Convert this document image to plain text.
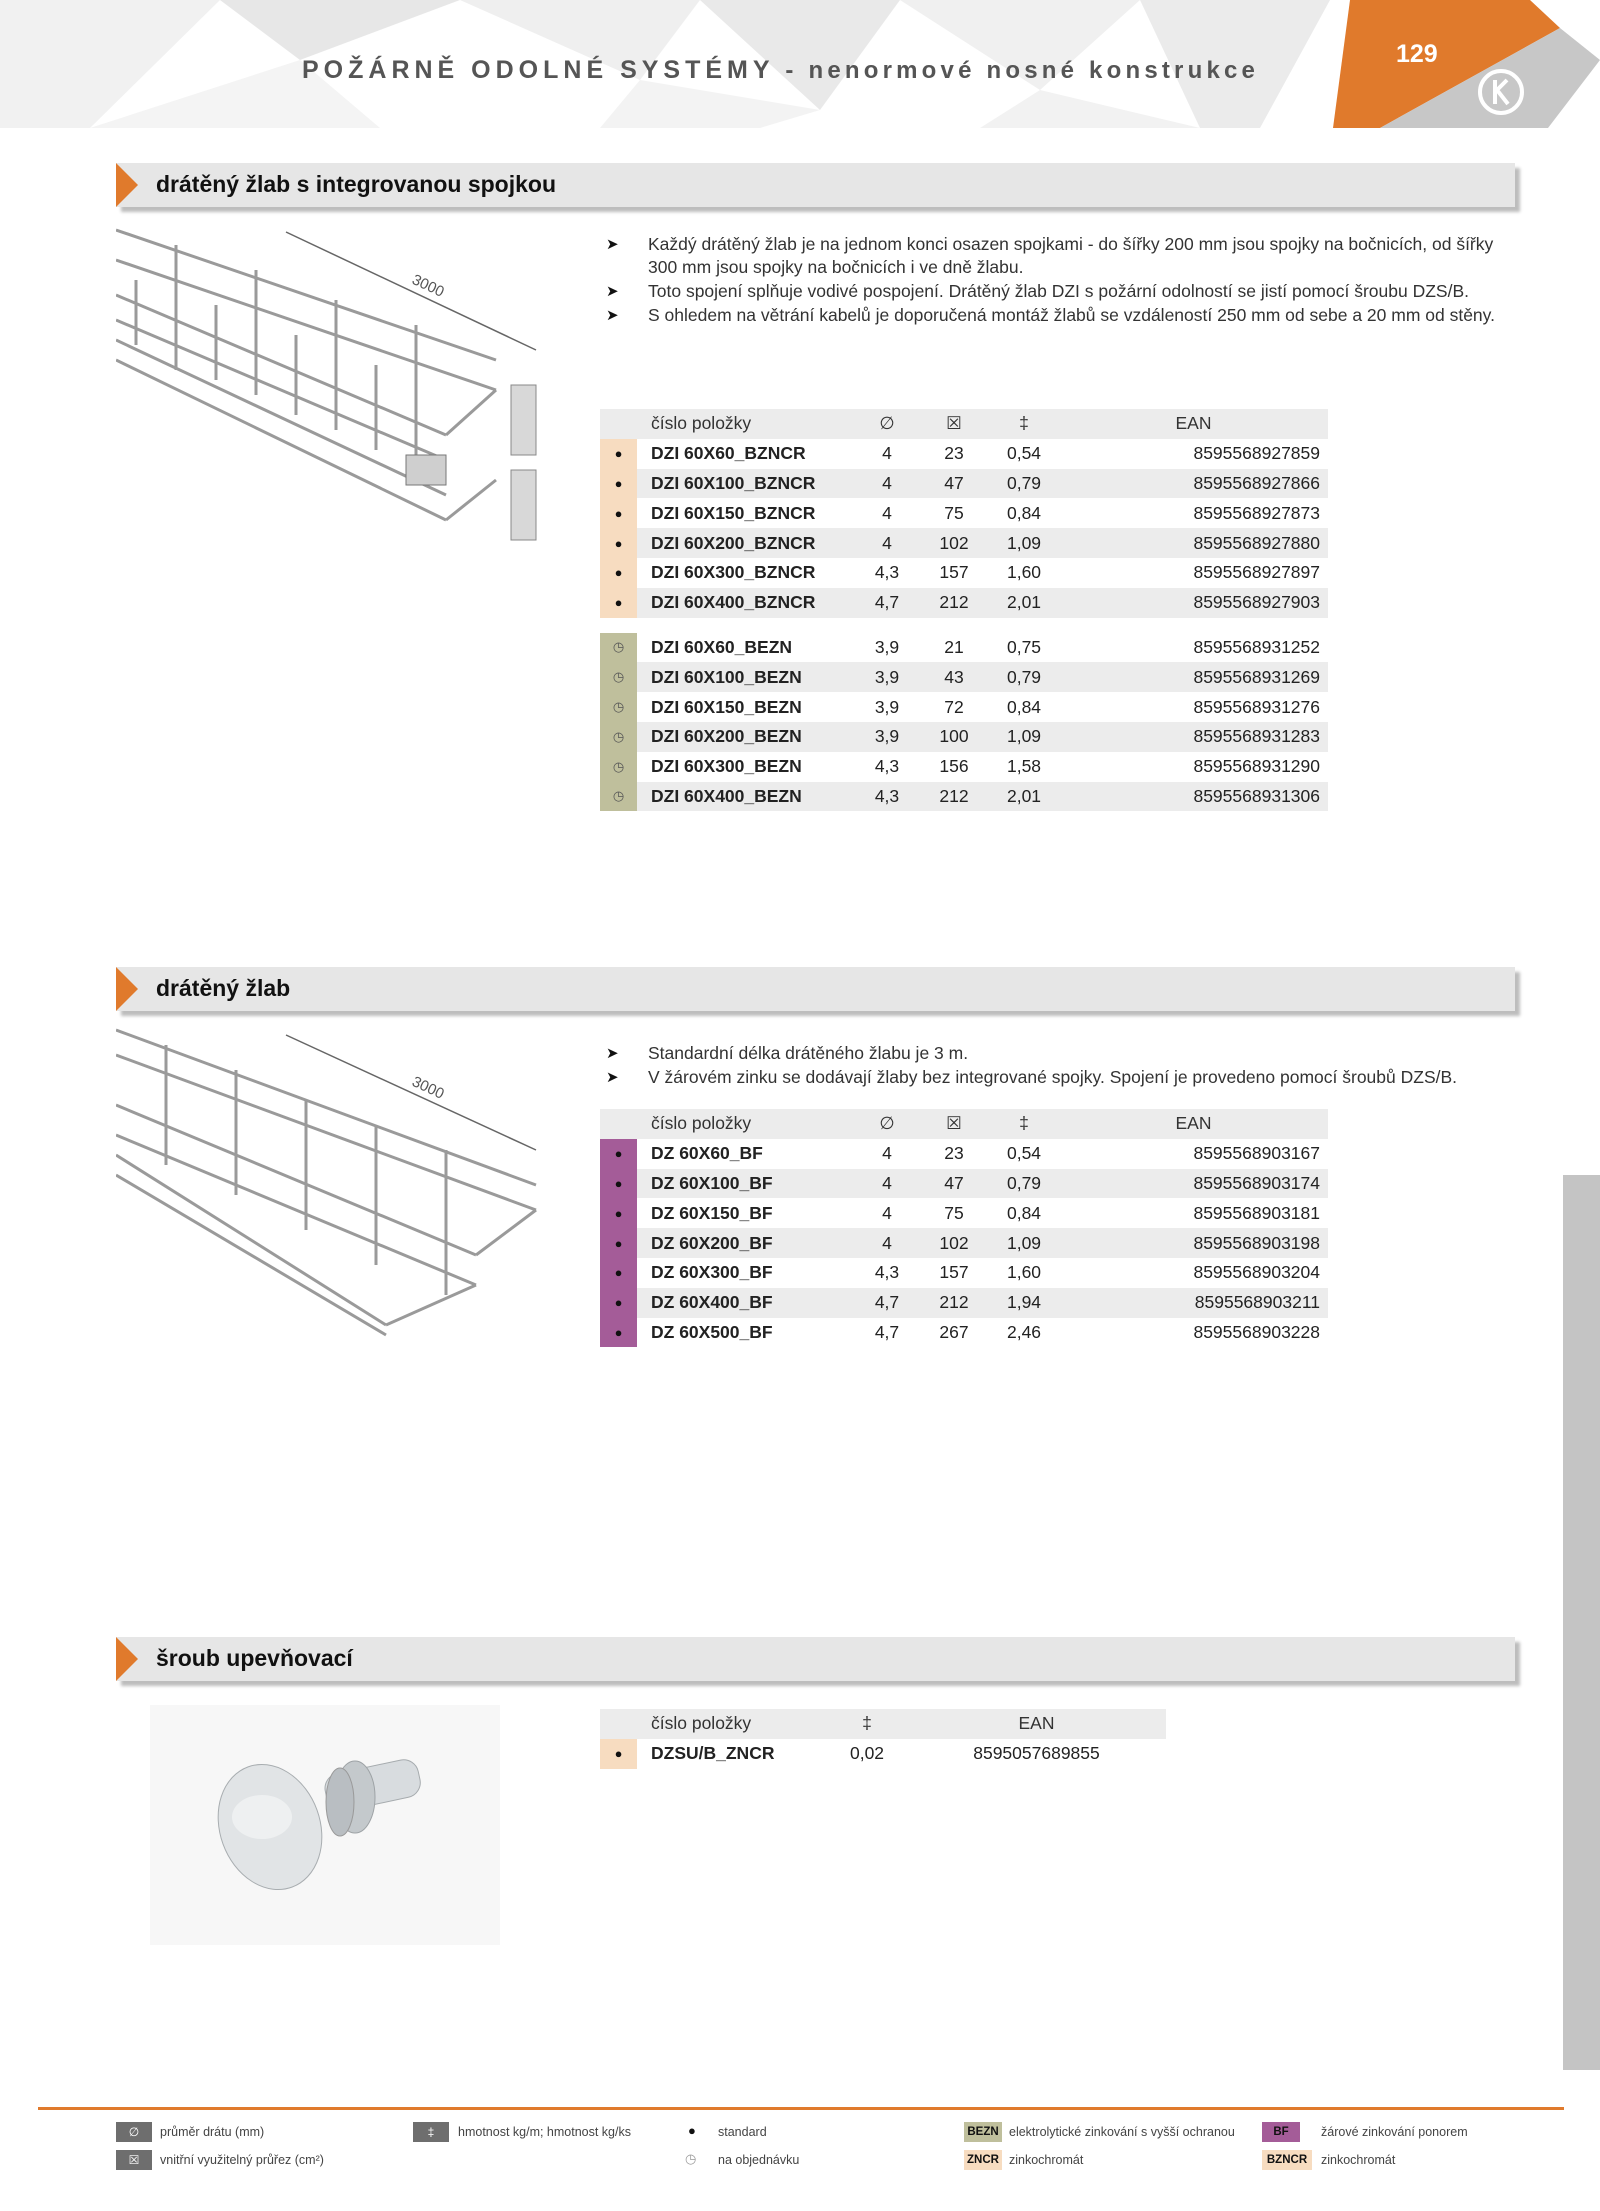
POŽÁRNĚ ODOLNÉ SYSTÉMY - nenormové nosné konstrukce
129
drátěný žlab s integrovanou spojkou
3000
➤ Každý drátěný žlab je na jednom konci osazen spojkami - do šířky 200 mm jsou spojky na bočnicích, od šířky 300 mm jsou spojky na bočnicích i ve dně žlabu.
➤ Toto spojení splňuje vodivé pospojení. Drátěný žlab DZI s požární odolností se jistí pomocí šroubu DZS/B.
➤ S ohledem na větrání kabelů je doporučená montáž žlabů se vzdáleností 250 mm od sebe a 20 mm od stěny.
	číslo položky	∅	☒	‡	EAN
●	DZI 60X60_BZNCR	4	23	0,54	8595568927859
●	DZI 60X100_BZNCR	4	47	0,79	8595568927866
●	DZI 60X150_BZNCR	4	75	0,84	8595568927873
●	DZI 60X200_BZNCR	4	102	1,09	8595568927880
●	DZI 60X300_BZNCR	4,3	157	1,60	8595568927897
●	DZI 60X400_BZNCR	4,7	212	2,01	8595568927903

◷	DZI 60X60_BEZN	3,9	21	0,75	8595568931252
◷	DZI 60X100_BEZN	3,9	43	0,79	8595568931269
◷	DZI 60X150_BEZN	3,9	72	0,84	8595568931276
◷	DZI 60X200_BEZN	3,9	100	1,09	8595568931283
◷	DZI 60X300_BEZN	4,3	156	1,58	8595568931290
◷	DZI 60X400_BEZN	4,3	212	2,01	8595568931306
drátěný žlab
3000
➤ Standardní délka drátěného žlabu je 3 m.
➤ V žárovém zinku se dodávají žlaby bez integrované spojky. Spojení je provedeno pomocí šroubů DZS/B.
	číslo položky	∅	☒	‡	EAN
●	DZ 60X60_BF	4	23	0,54	8595568903167
●	DZ 60X100_BF	4	47	0,79	8595568903174
●	DZ 60X150_BF	4	75	0,84	8595568903181
●	DZ 60X200_BF	4	102	1,09	8595568903198
●	DZ 60X300_BF	4,3	157	1,60	8595568903204
●	DZ 60X400_BF	4,7	212	1,94	8595568903211
●	DZ 60X500_BF	4,7	267	2,46	8595568903228
šroub upevňovací
	číslo položky	‡	EAN
●	DZSU/B_ZNCR	0,02	8595057689855
∅	průměr drátu (mm)
☒	vnitřní využitelný průřez (cm²)
‡	hmotnost kg/m; hmotnost kg/ks	● standard
◷ na objednávku
BEZN elektrolytické zinkování s vyšší ochranou
ZNCR zinkochromát
BF	žárové zinkování ponorem
BZNCR	zinkochromát
